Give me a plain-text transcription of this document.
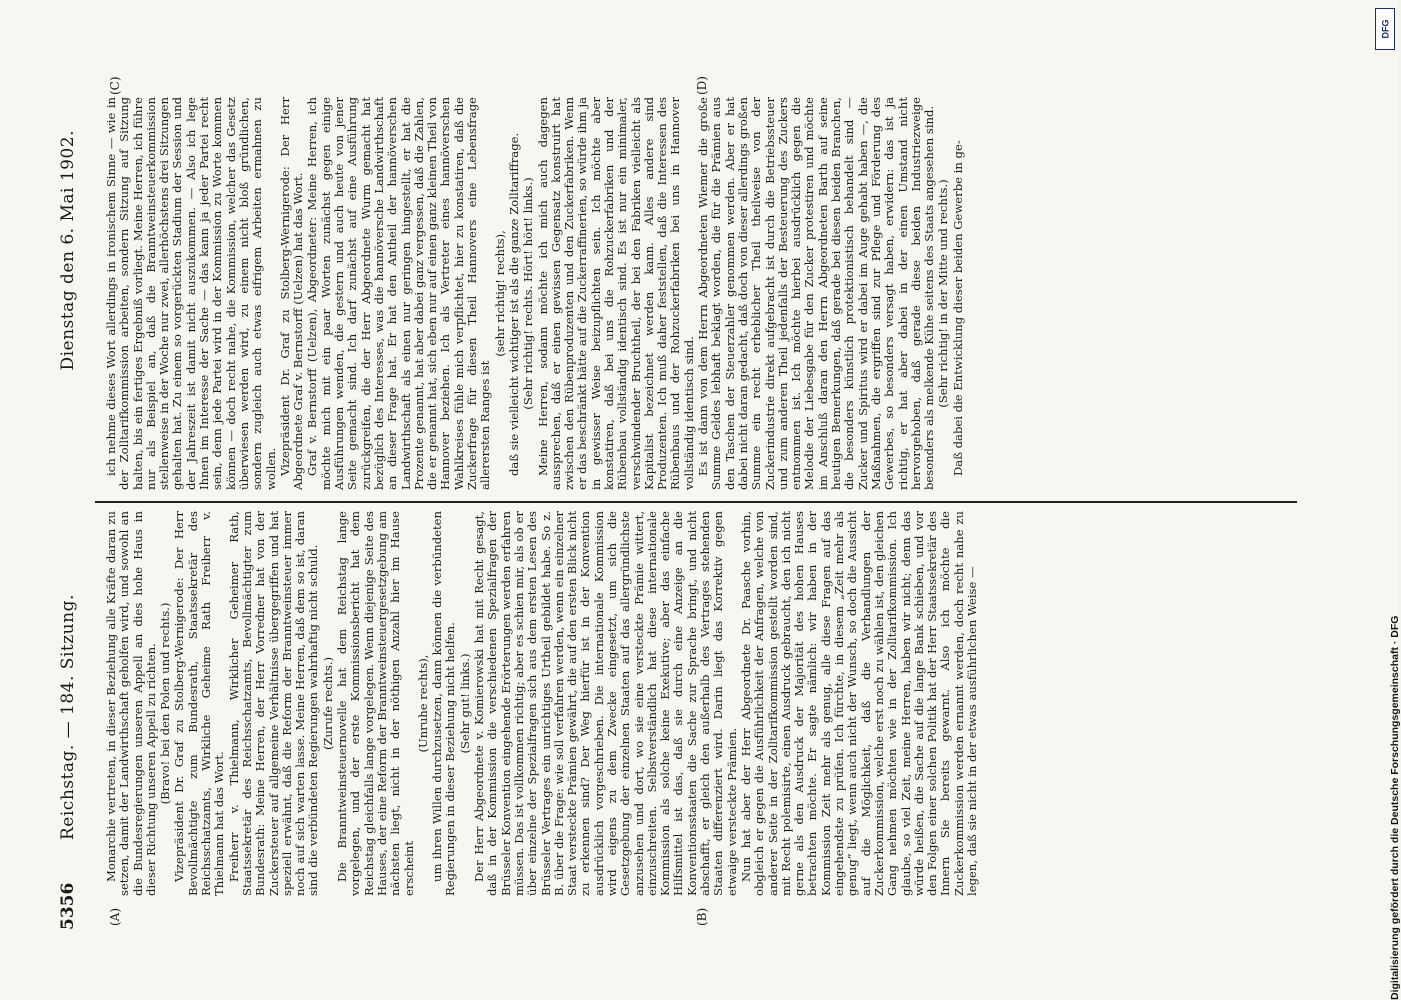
5356
Reichstag. — 184. Sitzung.
Dienstag den 6. Mai 1902.
(A)	(B)
(C)	(D)

Monarchie vertreten, in dieser Beziehung alle Kräfte daran zu setzen, damit der Landwirthschaft geholfen wird, und sowohl an die Bundesregierungen unseren Appell an dies hohe Haus in dieser Richtung unseren Appell zu richten. (Bravo! bei den Polen und rechts.) Vizepräsident Dr. Graf zu Stolberg-Wernigerode: Der Herr Bevollmächtigte zum Bundesrath, Staatssekretär des Reichsschatzamts, Wirkliche Geheime Rath Freiherr v. Thielmann hat das Wort. Freiherr v. Thielmann, Wirklicher Geheimer Rath, Staatssekretär des Reichsschatzamts, Bevollmächtigter zum Bundesrath: Meine Herren, der Herr Vorredner hat von der Zuckersteuer auf allgemeine Verhältnisse übergegriffen und hat speziell erwähnt, daß die Reform der Branntweinsteuer immer noch auf sich warten lasse. Meine Herren, daß dem so ist, daran sind die verbündeten Regierungen wahrhaftig nicht schuld. (Zurufe rechts.) Die Branntweinsteuernovelle hat dem Reichstag lange vorgelegen, und der erste Kommissionsbericht hat dem Reichstag gleichfalls lange vorgelegen. Wenn diejenige Seite des Hauses, der eine Reform der Branntweinsteuergesetzgebung am nächsten liegt, nicht in der nöthigen Anzahl hier im Hause erscheint

(Unruhe rechts), um ihren Willen durchzusetzen, dann können die verbündeten Regierungen in dieser Beziehung nicht helfen. (Sehr gut! links.) Der Herr Abgeordnete v. Komierowski hat mit Recht gesagt, daß in der Kommission die verschiedenen Spezialfragen der Brüsseler Konvention eingehende Erörterungen werden erfahren müssen. Das ist vollkommen richtig; aber es schien mir, als ob er über einzelne der Spezialfragen sich aus dem ersten Lesen des Brüsseler Vertrages ein unrichtiges Urtheil gebildet habe. So z. B. über die Frage: wie soll verfahren werden, wenn ein einzelner Staat versteckte Prämien gewährt, die auf den ersten Blick nicht zu erkennen sind? Der Weg hierfür ist in der Konvention ausdrücklich vorgeschrieben. Die internationale Kommission wird eigens zu dem Zwecke eingesetzt, um sich die Gesetzgebung der einzelnen Staaten auf das allergründlichste anzusehen und dort, wo sie eine versteckte Prämie wittert, einzuschreiten. Selbstverständlich hat diese internationale Kommission als solche keine Exekutive; aber das einfache Hilfsmittel ist das, daß sie durch eine Anzeige an die Konventionsstaaten die Sache zur Sprache bringt, und nicht abschafft, er gleich den außerhalb des Vertrages stehenden Staaten differenziert wird. Darin liegt das Korrektiv gegen etwaige versteckte Prämien. Nun hat aber der Herr Abgeordnete Dr. Paasche vorhin, obgleich er gegen die Ausführlichkeit der Anfragen, welche von anderer Seite in der Zolltarifkommission gestellt worden sind, mit Recht polemisirte, einen Ausdruck gebraucht, den ich nicht gerne als den Ausdruck der Majorität des hohen Hauses betrachten möchte. Er sagte nämlich: wir haben in der Kommission Zeit mehr als genug, alle diese Fragen auf das eingehendste zu prüfen. Ich fürchte, in diesem „Zeit mehr als genug“ liegt, wenn auch nicht der Wunsch, so doch die Aussicht auf die Möglichkeit, daß die Verhandlungen der Zuckerkommission, welche erst noch zu wählen ist, den gleichen Gang nehmen möchten wie in der Zolltarifkommission. Ich glaube, so viel Zeit, meine Herren, haben wir nicht; denn das würde heißen, die Sache auf die lange Bank schieben, und vor den Folgen einer solchen Politik hat der Herr Staatssekretär des Innern Sie bereits gewarnt. Also ich möchte die Zuckerkommission werden ernannt werden, doch recht nahe zu legen, daß sie nicht in der etwas ausführlichen Weise —

ich nehme dieses Wort allerdings in ironischem Sinne — wie in der Zolltarifkommission arbeiten, sondern Sitzung auf Sitzung halten, bis ein fertiges Ergebniß vorliegt. Meine Herren, ich führe nur als Beispiel an, daß die Branntweinsteuerkommission stellenweise in der Woche nur zwei, allerhöchstens drei Sitzungen gehalten hat. Zu einem so vorgerückten Stadium der Session und der Jahreszeit ist damit nicht auszukommen. — Also ich lege Ihnen im Interesse der Sache — das kann ja jeder Partei recht sein, denn jede Partei wird in der Kommission zu Worte kommen können — doch recht nahe, die Kommission, welcher das Gesetz überwiesen werden wird, zu einem nicht bloß gründlichen, sondern zugleich auch etwas eifrigem Arbeiten ermahnen zu wollen. Vizepräsident Dr. Graf zu Stolberg-Wernigerode: Der Herr Abgeordnete Graf v. Bernstorff (Uelzen) hat das Wort. Graf v. Bernstorff (Uelzen), Abgeordneter: Meine Herren, ich möchte mich mit ein paar Worten zunächst gegen einige Ausführungen wenden, die gestern und auch heute von jener Seite gemacht sind. Ich darf zunächst auf eine Ausführung zurückgreifen, die der Herr Abgeordnete Wurm gemacht hat bezüglich des Interesses, was die hannöversche Landwirthschaft an dieser Frage hat. Er hat den Antheil der hannöverschen Landwirthschaft als einen nur geringen hingestellt, er hat die Prozente genannt, hat aber dabei ganz vergessen, daß die Zahlen, die er genannt hat, sich eben nur auf einen ganz kleinen Theil von Hannover beziehen. Ich als Vertreter eines hannöverschen Wahlkreises fühle mich verpflichtet, hier zu konstatiren, daß die Zuckerfrage für diesen Theil Hannovers eine Lebensfrage allerersten Ranges ist

(sehr richtig! rechts), daß sie vielleicht wichtiger ist als die ganze Zolltariffrage. (Sehr richtig! rechts. Hört! hört! links.) Meine Herren, sodann möchte ich mich auch dagegen aussprechen, daß er einen gewissen Gegensatz konstruirt hat zwischen den Rübenproduzenten und den Zuckerfabriken. Wenn er das beschränkt hätte auf die Zuckerraffinerien, so würde ihm ja in gewisser Weise beizupflichten sein. Ich möchte aber konstatiren, daß bei uns die Rohzuckerfabriken und der Rübenbau vollständig identisch sind. Es ist nur ein minimaler, verschwindender Bruchtheil, der bei den Fabriken vielleicht als Kapitalist bezeichnet werden kann. Alles andere sind Produzenten. Ich muß daher feststellen, daß die Interessen des Rübenbaus und der Rohzuckerfabriken bei uns in Hannover vollständig identisch sind. Es ist dann von dem Herrn Abgeordneten Wiemer die große Summe Geldes lebhaft beklagt worden, die für die Prämien aus den Taschen der Steuerzahler genommen werden. Aber er hat dabei nicht daran gedacht, daß doch von dieser allerdings großen Summe ein recht erheblicher Theil theilweise von der Zuckerindustrie direkt aufgebracht ist durch die Betriebssteuer und zum anderen Theil jedenfalls der Besteuerung des Zuckers entnommen ist. Ich möchte hierbei ausdrücklich gegen die Melodie der Liebesgabe für den Zucker protestiren und möchte im Anschluß daran den Herrn Abgeordneten Barth auf seine heutigen Bemerkungen, daß gerade bei diesen beiden Branchen, die besonders künstlich protektionistisch behandelt sind — Zucker und Spiritus wird er dabei im Auge gehabt haben —, die Maßnahmen, die ergriffen sind zur Pflege und Förderung des Gewerbes, so besonders versagt haben, erwidern: das ist ja richtig, er hat aber dabei in der einen Umstand nicht hervorgehoben, daß gerade diese beiden Industriezweige besonders als melkende Kühe seitens des Staats angesehen sind. (Sehr richtig! in der Mitte und rechts.) Daß dabei die Entwicklung dieser beiden Gewerbe in ge-

DFG
Digitalisierung gefördert durch die Deutsche Forschungsgemeinschaft · DFG
